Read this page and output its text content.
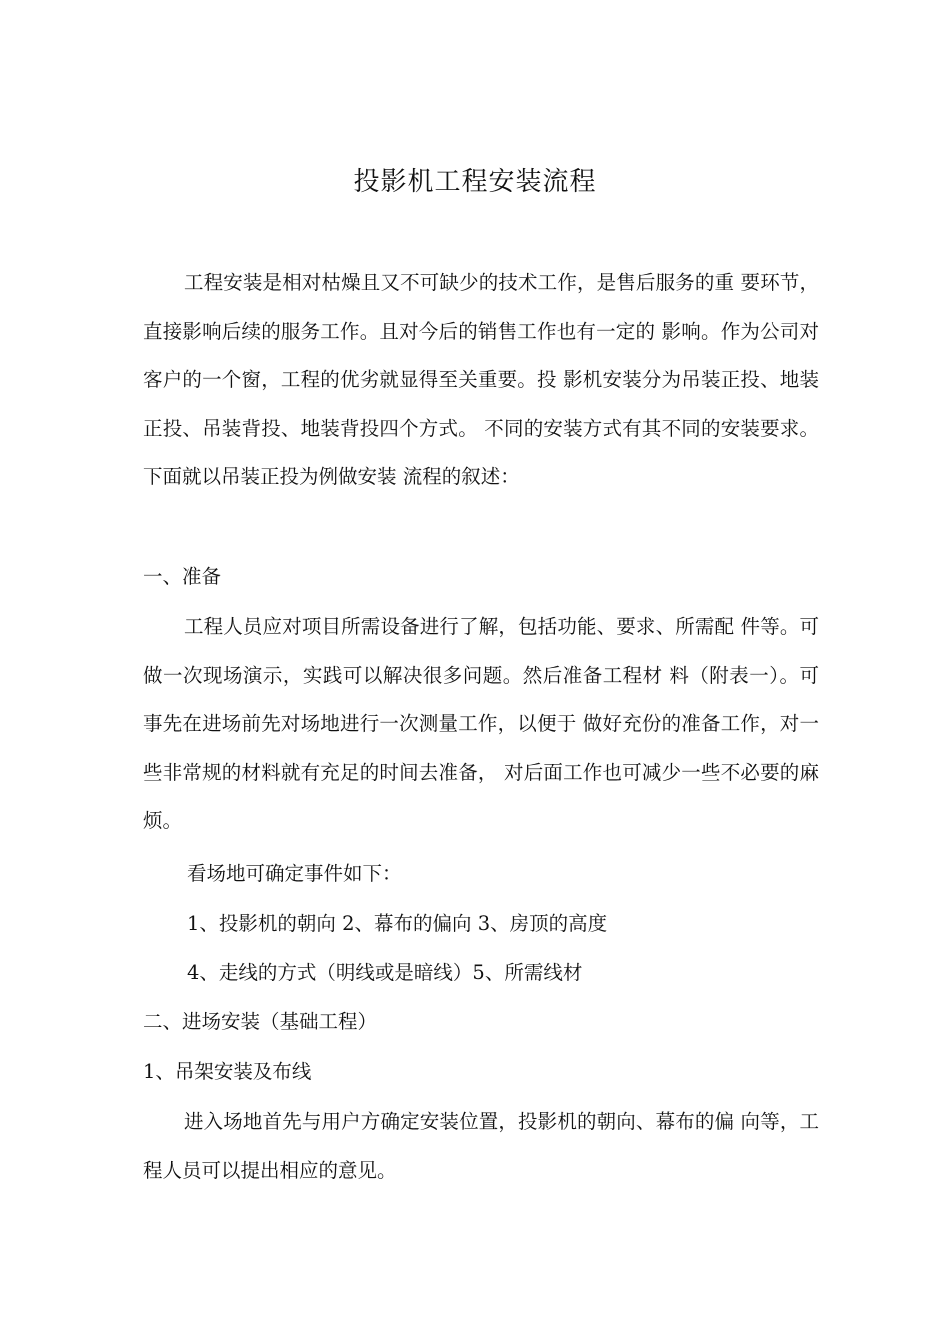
投影机工程安装流程

工程安装是相对枯燥且又不可缺少的技术工作，是售后服务的重 要环节，直接影响后续的服务工作。且对今后的销售工作也有一定的 影响。作为公司对客户的一个窗，工程的优劣就显得至关重要。投 影机安装分为吊装正投、地装正投、吊装背投、地装背投四个方式。 不同的安装方式有其不同的安装要求。下面就以吊装正投为例做安装 流程的叙述：

一、准备

工程人员应对项目所需设备进行了解，包括功能、要求、所需配 件等。可做一次现场演示，实践可以解决很多问题。然后准备工程材 料（附表一）。可事先在进场前先对场地进行一次测量工作，以便于 做好充份的准备工作，对一些非常规的材料就有充足的时间去准备， 对后面工作也可减少一些不必要的麻烦。

看场地可确定事件如下：

1、投影机的朝向 2、幕布的偏向 3、房顶的高度

4、走线的方式（明线或是暗线）5、所需线材

二、进场安装（基础工程）

1、吊架安装及布线

进入场地首先与用户方确定安装位置，投影机的朝向、幕布的偏 向等，工程人员可以提出相应的意见。
